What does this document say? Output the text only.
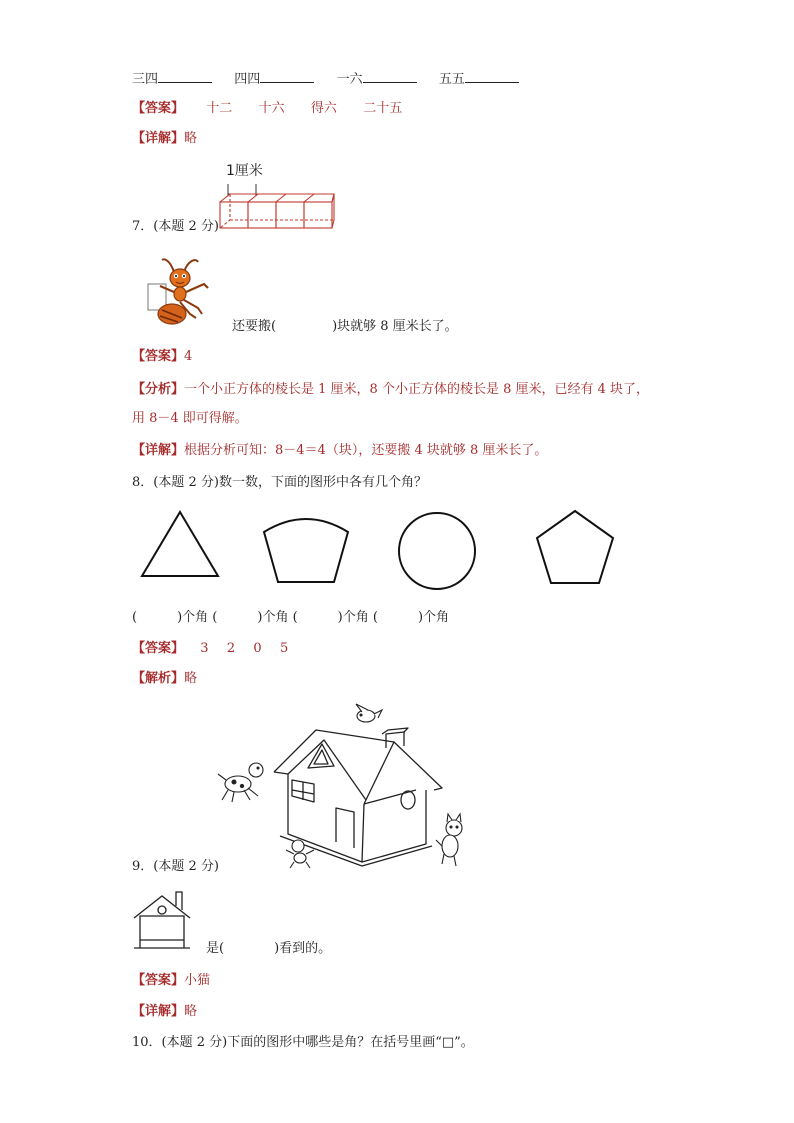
三四	四四	一六	五五
【答案】 十二 十六 得六 二十五
【详解】略
1厘米
7．(本题 2 分)
还要搬(	)块就够 8 厘米长了。
【答案】4
【分析】一个小正方体的棱长是 1 厘米，8 个小正方体的棱长是 8 厘米，已经有 4 块了，
用 8－4 即可得解。
【详解】根据分析可知：8－4＝4（块），还要搬 4 块就够 8 厘米长了。
8．(本题 2 分)数一数，下面的图形中各有几个角？
(	)个角 (	)个角 (	)个角 (	)个角
【答案】 3 2 0 5
【解析】略
9．(本题 2 分)
是(	)看到的。
【答案】小猫
【详解】略
10．(本题 2 分)下面的图形中哪些是角？在括号里画“□”。
